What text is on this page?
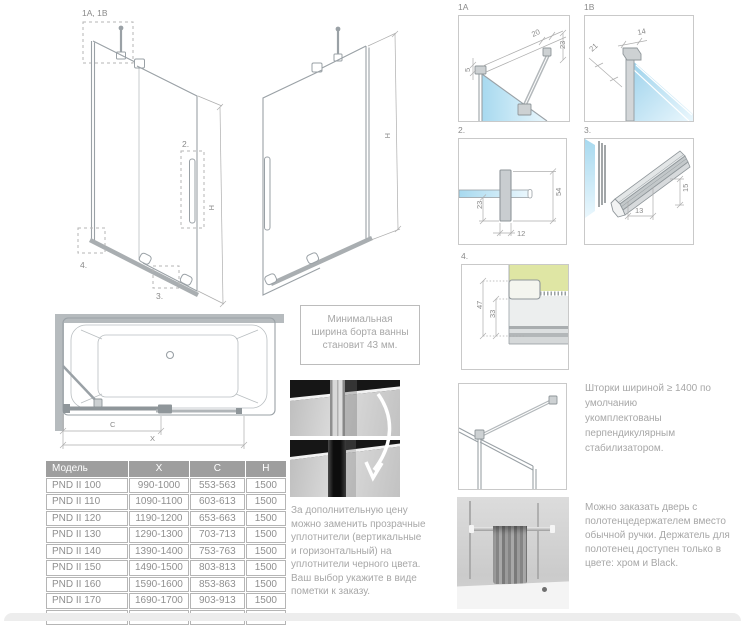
1A, 1B
2.
4.
3.
H
H
C
X
Минимальная ширина борта ванны становит 43 мм.
1A
20
23
5
1B
14
21
2.
54
23
12
3.
15
13
4.
47
33
За дополнительную цену можно заменить прозрачные уплотнители (вертикальные и горизонтальный) на уплотнители черного цвета. Ваш выбор укажите в виде пометки к заказу.
Шторки шириной ≥ 1400 по умолчанию укомплектованы перпендикулярным стабилизатором.
Можно заказать дверь с полотенцедержателем вместо обычной ручки. Держатель для полотенец доступен только в цвете: хром и Black.
Модель	X	C	H
PND II 100	990-1000	553-563	1500
PND II 110	1090-1100	603-613	1500
PND II 120	1190-1200	653-663	1500
PND II 130	1290-1300	703-713	1500
PND II 140	1390-1400	753-763	1500
PND II 150	1490-1500	803-813	1500
PND II 160	1590-1600	853-863	1500
PND II 170	1690-1700	903-913	1500
